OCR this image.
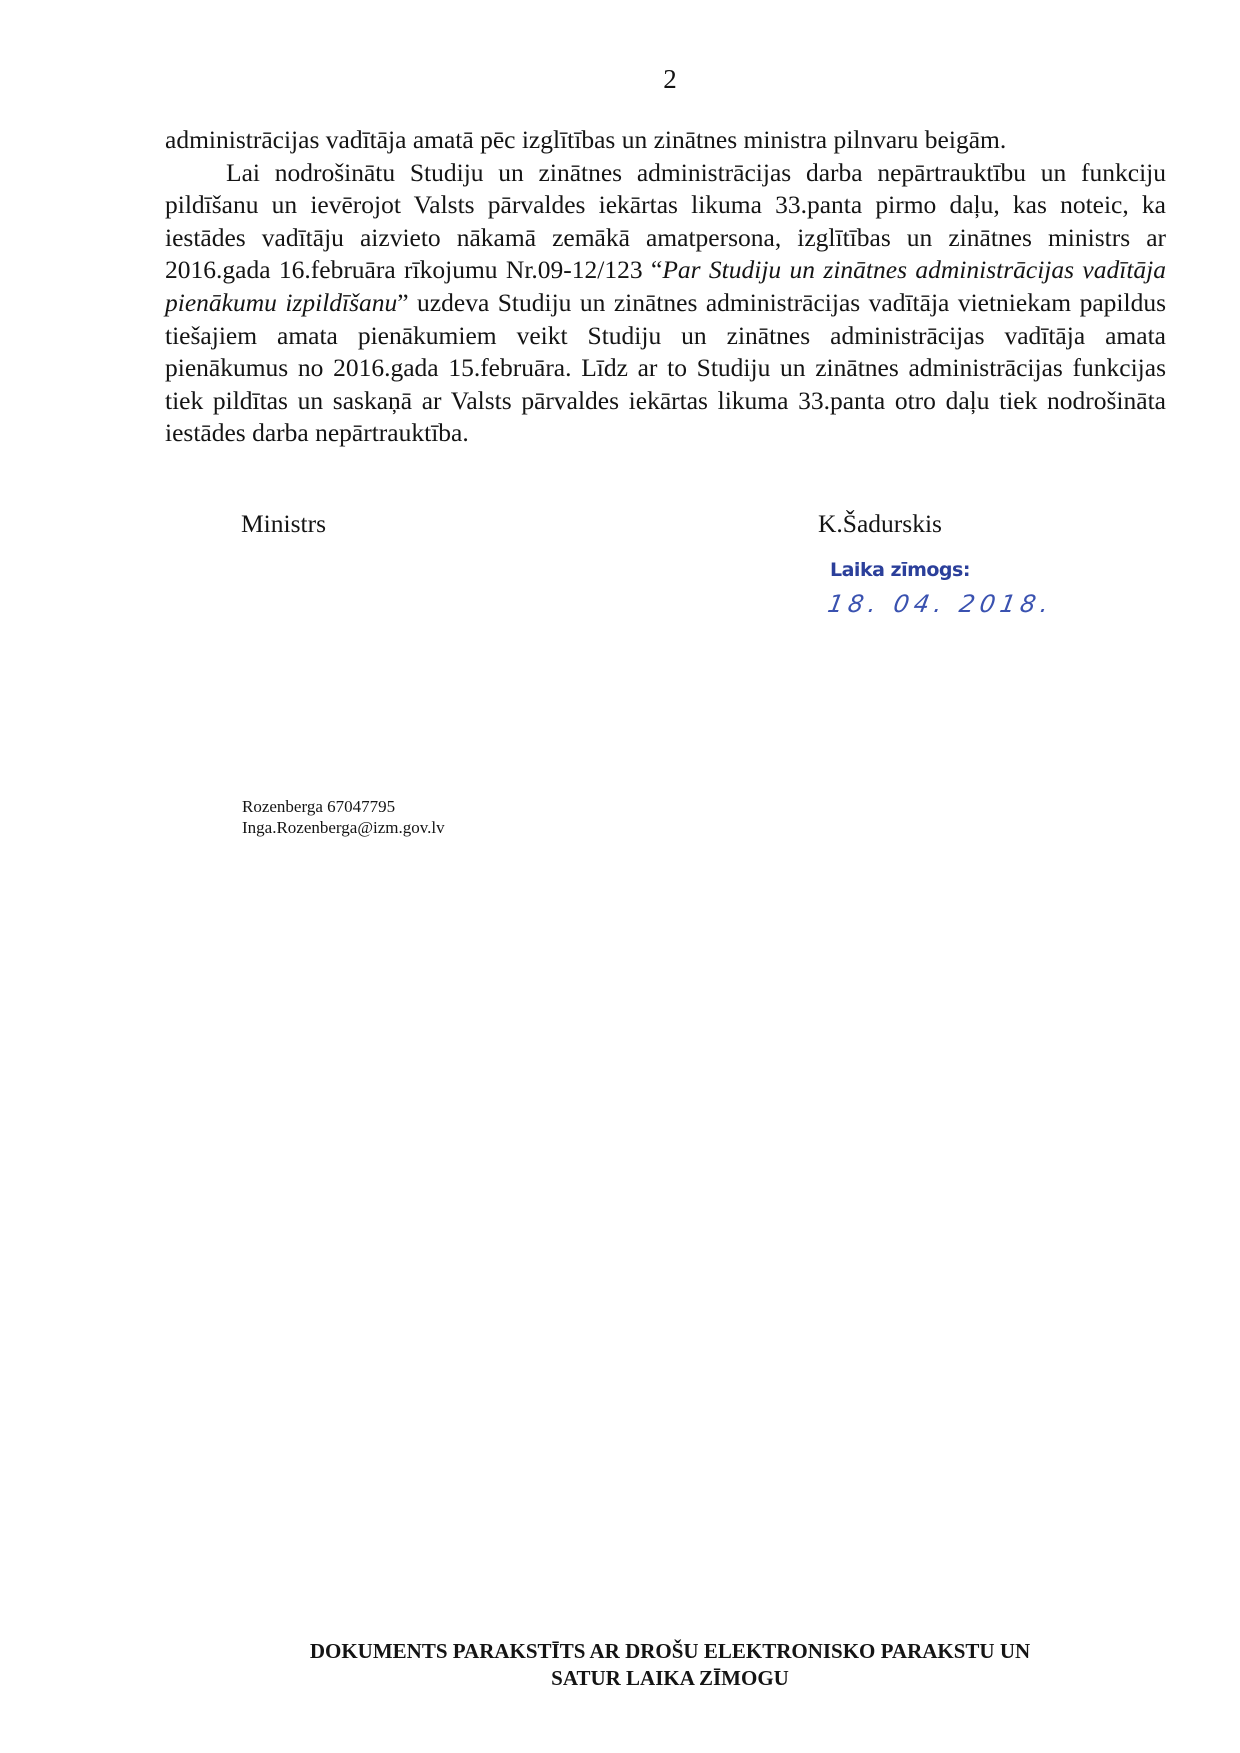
2

administrācijas vadītāja amatā pēc izglītības un zinātnes ministra pilnvaru beigām.

Lai nodrošinātu Studiju un zinātnes administrācijas darba nepārtrauktību un funkciju pildīšanu un ievērojot Valsts pārvaldes iekārtas likuma 33.panta pirmo daļu, kas noteic, ka iestādes vadītāju aizvieto nākamā zemākā amatpersona, izglītības un zinātnes ministrs ar 2016.gada 16.februāra rīkojumu Nr.09-12/123 “Par Studiju un zinātnes administrācijas vadītāja pienākumu izpildīšanu” uzdeva Studiju un zinātnes administrācijas vadītāja vietniekam papildus tiešajiem amata pienākumiem veikt Studiju un zinātnes administrācijas vadītāja amata pienākumus no 2016.gada 15.februāra. Līdz ar to Studiju un zinātnes administrācijas funkcijas tiek pildītas un saskaņā ar Valsts pārvaldes iekārtas likuma 33.panta otro daļu tiek nodrošināta iestādes darba nepārtrauktība.

Ministrs	K.Šadurskis
Laika zīmogs:
18. 04. 2018.
Rozenberga 67047795
Inga.Rozenberga@izm.gov.lv
DOKUMENTS PARAKSTĪTS AR DROŠU ELEKTRONISKO PARAKSTU UN
SATUR LAIKA ZĪMOGU
